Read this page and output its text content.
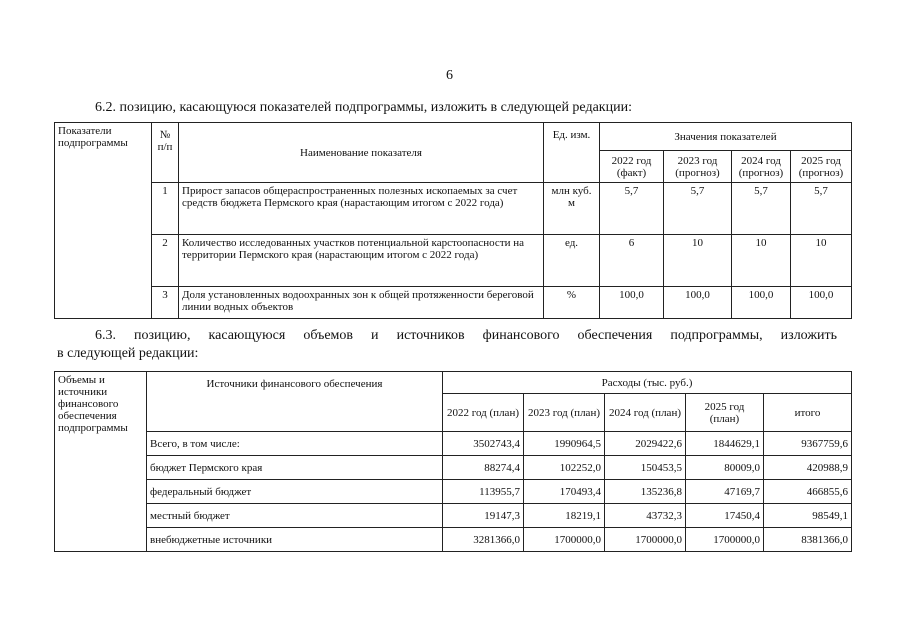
6
6.2. позицию, касающуюся показателей подпрограммы, изложить в следующей редакции:
Показатели подпрограммы	№ п/п	Наименование показателя	Ед. изм.	Значения показателей			
				2022 год (факт)	2023 год (прогноз)	2024 год (прогноз)	2025 год (прогноз)
	1	Прирост запасов общераспространенных полезных ископаемых за счет средств бюджета Пермского края (нарастающим итогом с 2022 года)	млн куб. м	5,7	5,7	5,7	5,7
	2	Количество исследованных участков потенциальной карстоопасности на территории Пермского края (нарастающим итогом с 2022 года)	ед.	6	10	10	10
	3	Доля установленных водоохранных зон к общей протяженности береговой линии водных объектов	%	100,0	100,0	100,0	100,0
6.3. позицию, касающуюся объемов и источников финансового обеспечения подпрограммы, изложить
в следующей редакции:
Объемы и источники финансового обеспечения подпрограммы	Источники финансового обеспечения	Расходы (тыс. руб.)				
		2022 год (план)	2023 год (план)	2024 год (план)	2025 год (план)	итого
	Всего, в том числе:	3502743,4	1990964,5	2029422,6	1844629,1	9367759,6
	бюджет Пермского края	88274,4	102252,0	150453,5	80009,0	420988,9
	федеральный бюджет	113955,7	170493,4	135236,8	47169,7	466855,6
	местный бюджет	19147,3	18219,1	43732,3	17450,4	98549,1
	внебюджетные источники	3281366,0	1700000,0	1700000,0	1700000,0	8381366,0
